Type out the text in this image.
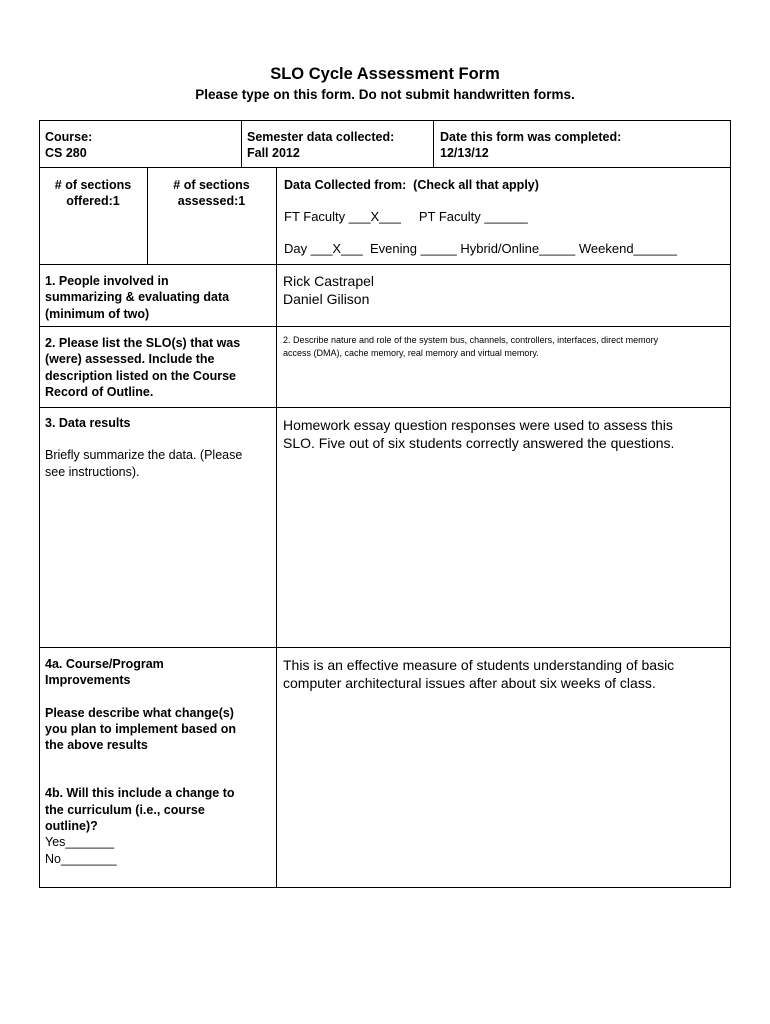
SLO Cycle Assessment Form
Please type on this form. Do not submit handwritten forms.
Course:
CS 280
Semester data collected:
Fall 2012
Date this form was completed:
12/13/12
# of sections
offered:1
# of sections
assessed:1
Data Collected from:  (Check all that apply)
FT Faculty ___X___     PT Faculty ______
Day ___X___  Evening _____ Hybrid/Online_____ Weekend______
1. People involved in
summarizing & evaluating data
(minimum of two)
Rick Castrapel
Daniel Gilison
2. Please list the SLO(s) that was
(were) assessed. Include the
description listed on the Course
Record of Outline.
2. Describe nature and role of the system bus, channels, controllers, interfaces, direct memory
access (DMA), cache memory, real memory and virtual memory.
3. Data results
Briefly summarize the data. (Please
see instructions).
Homework essay question responses were used to assess this
SLO. Five out of six students correctly answered the questions.
4a. Course/Program
Improvements
Please describe what change(s)
you plan to implement based on
the above results
4b. Will this include a change to
the curriculum (i.e., course
outline)?
Yes_______
No________
This is an effective measure of students understanding of basic
computer architectural issues after about six weeks of class.
